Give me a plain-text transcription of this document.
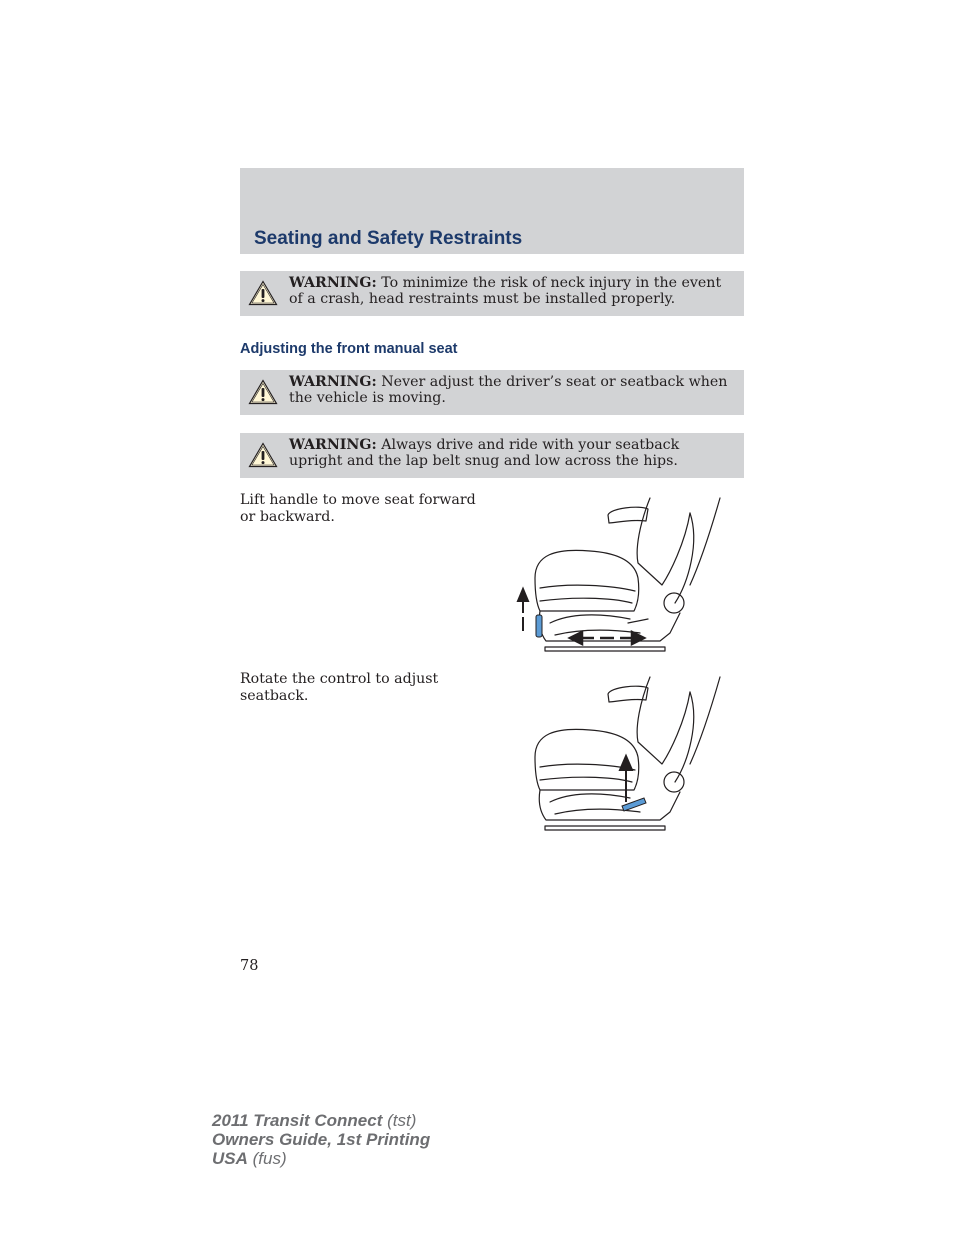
Seating and Safety Restraints

WARNING: To minimize the risk of neck injury in the event of a crash, head restraints must be installed properly.

Adjusting the front manual seat

WARNING: Never adjust the driver’s seat or seatback when the vehicle is moving.

WARNING: Always drive and ride with your seatback upright and the lap belt snug and low across the hips.

Lift handle to move seat forward or backward.

Rotate the control to adjust seatback.

78

2011 Transit Connect (tst)
Owners Guide, 1st Printing
USA (fus)
